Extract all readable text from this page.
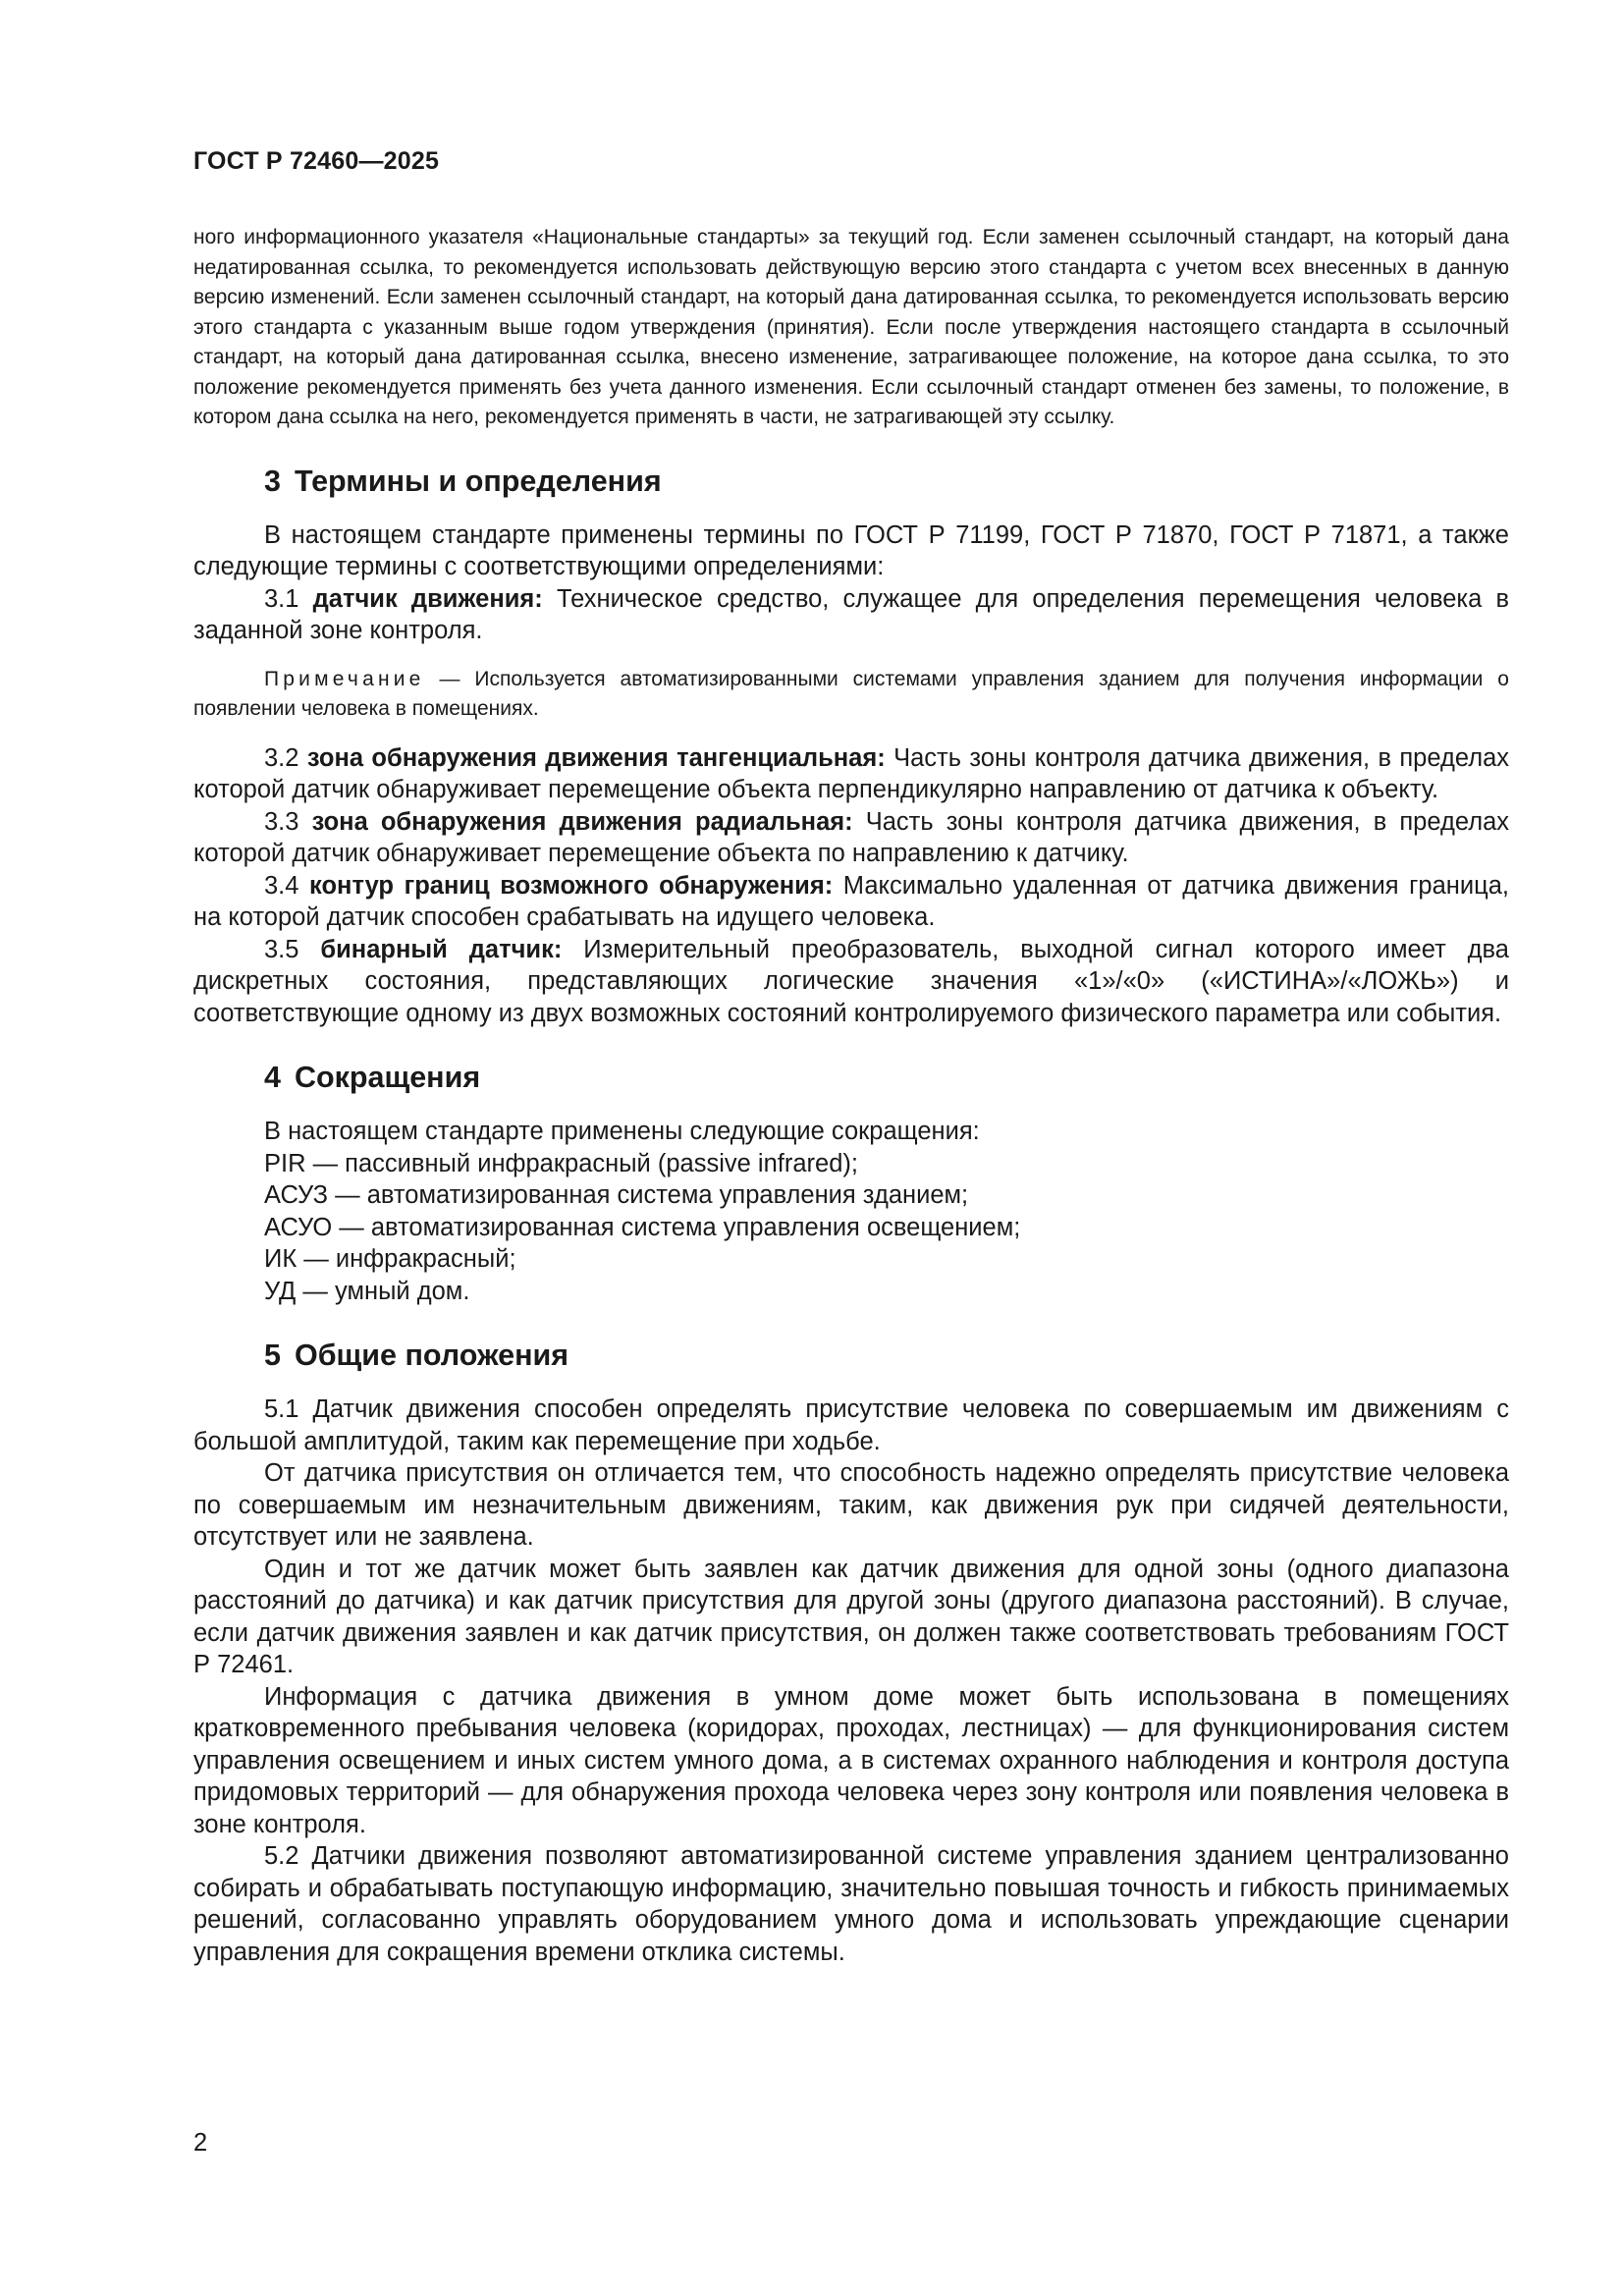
ГОСТ Р 72460—2025

ного информационного указателя «Национальные стандарты» за текущий год. Если заменен ссылочный стандарт, на который дана недатированная ссылка, то рекомендуется использовать действующую версию этого стандарта с учетом всех внесенных в данную версию изменений. Если заменен ссылочный стандарт, на который дана датированная ссылка, то рекомендуется использовать версию этого стандарта с указанным выше годом утверждения (принятия). Если после утверждения настоящего стандарта в ссылочный стандарт, на который дана датированная ссылка, внесено изменение, затрагивающее положение, на которое дана ссылка, то это положение рекомендуется применять без учета данного изменения. Если ссылочный стандарт отменен без замены, то положение, в котором дана ссылка на него, рекомендуется применять в части, не затрагивающей эту ссылку.

3 Термины и определения

В настоящем стандарте применены термины по ГОСТ Р 71199, ГОСТ Р 71870, ГОСТ Р 71871, а также следующие термины с соответствующими определениями:

3.1 датчик движения: Техническое средство, служащее для определения перемещения человека в заданной зоне контроля.

Примечание — Используется автоматизированными системами управления зданием для получения информации о появлении человека в помещениях.

3.2 зона обнаружения движения тангенциальная: Часть зоны контроля датчика движения, в пределах которой датчик обнаруживает перемещение объекта перпендикулярно направлению от датчика к объекту.

3.3 зона обнаружения движения радиальная: Часть зоны контроля датчика движения, в пределах которой датчик обнаруживает перемещение объекта по направлению к датчику.

3.4 контур границ возможного обнаружения: Максимально удаленная от датчика движения граница, на которой датчик способен срабатывать на идущего человека.

3.5 бинарный датчик: Измерительный преобразователь, выходной сигнал которого имеет два дискретных состояния, представляющих логические значения «1»/«0» («ИСТИНА»/«ЛОЖЬ») и соответствующие одному из двух возможных состояний контролируемого физического параметра или события.

4 Сокращения

В настоящем стандарте применены следующие сокращения:

PIR — пассивный инфракрасный (passive infrared);

АСУЗ — автоматизированная система управления зданием;

АСУО — автоматизированная система управления освещением;

ИК — инфракрасный;

УД — умный дом.

5 Общие положения

5.1 Датчик движения способен определять присутствие человека по совершаемым им движениям с большой амплитудой, таким как перемещение при ходьбе.

От датчика присутствия он отличается тем, что способность надежно определять присутствие человека по совершаемым им незначительным движениям, таким, как движения рук при сидячей деятельности, отсутствует или не заявлена.

Один и тот же датчик может быть заявлен как датчик движения для одной зоны (одного диапазона расстояний до датчика) и как датчик присутствия для другой зоны (другого диапазона расстояний). В случае, если датчик движения заявлен и как датчик присутствия, он должен также соответствовать требованиям ГОСТ Р 72461.

Информация с датчика движения в умном доме может быть использована в помещениях кратковременного пребывания человека (коридорах, проходах, лестницах) — для функционирования систем управления освещением и иных систем умного дома, а в системах охранного наблюдения и контроля доступа придомовых территорий — для обнаружения прохода человека через зону контроля или появления человека в зоне контроля.

5.2 Датчики движения позволяют автоматизированной системе управления зданием централизованно собирать и обрабатывать поступающую информацию, значительно повышая точность и гибкость принимаемых решений, согласованно управлять оборудованием умного дома и использовать упреждающие сценарии управления для сокращения времени отклика системы.

2
